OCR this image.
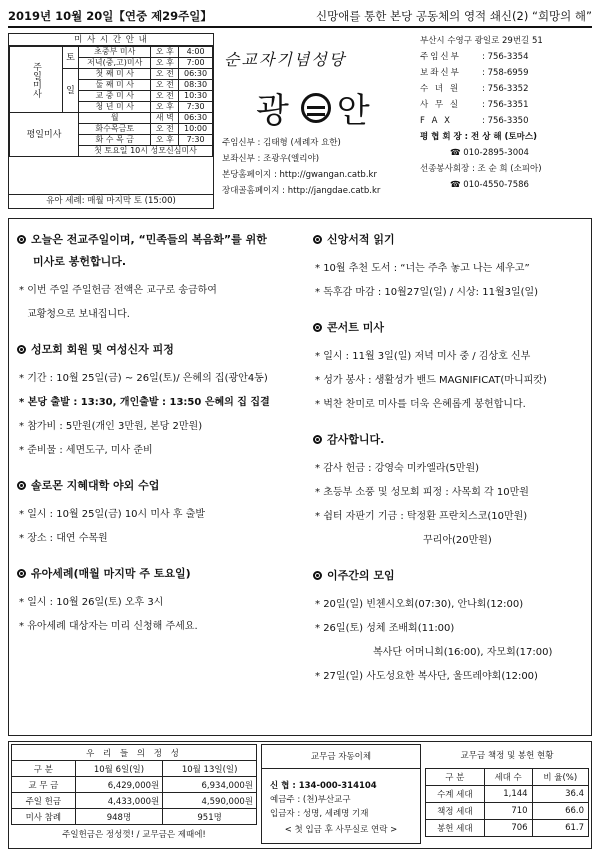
2019년 10월 20일【연중 제29주일】	신망애를 통한 본당 공동체의 영적 쇄신(2) “희망의 해”
미 사 시 간 안 내
주일미사	토	초중부 미사	오 후	4:00
		저녁(중,고)미사	오 후	7:00
	일	첫 째 미 사	오 전	06:30
		둘 째 미 사	오 전	08:30
		교 중 미 사	오 전	10:30
		청 년 미 사	오 후	7:30
평일미사		월	새 벽	06:30
		화수목금토	오 전	10:00
		화 수 목 금	오 후	7:30
		첫 토요일 10시 성모신심미사		
유아 세례: 매월 마지막 토 (15:00)
순교자기념성당
광 안
주임신부 : 김태형 (세례자 요한)
보좌신부 : 조광우(엘리야)
본당홈페이지 : http://gwangan.catb.kr
장대골홈페이지 : http://jangdae.catb.kr
부산시 수영구 광일로 29번길 51
주임신부	: 756-3354
보좌신부	: 758-6959
수 녀 원	: 756-3352
사 무 실	: 756-3351
F A X	: 756-3350
평 협 회 장 : 전 상 해 (토마스)
☎ 010-2895-3004
선종봉사회장 : 조 순 희 (소피아)
☎ 010-4550-7586
오늘은 전교주일이며, “민족들의 복음화”를 위한
미사로 봉헌합니다.
* 이번 주일 주일헌금 전액은 교구로 송금하여
교황청으로 보내집니다.
성모회 회원 및 여성신자 피정
* 기간 : 10월 25일(금) ~ 26일(토)/ 은혜의 집(광안4동)
* 본당 출발 : 13:30, 개인출발 : 13:50 은혜의 집 집결
* 참가비 : 5만원(개인 3만원, 본당 2만원)
* 준비물 : 세면도구, 미사 준비
솔로몬 지혜대학 야외 수업
* 일시 : 10월 25일(금) 10시 미사 후 출발
* 장소 : 대연 수목원
유아세례(매월 마지막 주 토요일)
* 일시 : 10월 26일(토) 오후 3시
* 유아세례 대상자는 미리 신청해 주세요.
신앙서적 읽기
* 10월 추천 도서 : “너는 주추 놓고 나는 세우고”
* 독후감 마감 : 10월27일(일) / 시상: 11월3일(일)
콘서트 미사
* 일시 : 11월 3일(일) 저녁 미사 중 / 김상호 신부
* 성가 봉사 : 생활성가 밴드 MAGNIFICAT(마니피캇)
* 벅찬 찬미로 미사를 더욱 은혜롭게 봉헌합니다.
감사합니다.
* 감사 헌금 : 강영숙 미카엘라(5만원)
* 초등부 소풍 및 성모회 피정 : 사목회 각 10만원
* 쉼터 자판기 기금 : 탁정환 프란치스코(10만원)
꾸리아(20만원)
이주간의 모임
* 20일(일) 빈첸시오회(07:30), 안나회(12:00)
* 26일(토) 성체 조배회(11:00)
복사단 어머니회(16:00), 자모회(17:00)
* 27일(일) 사도성요한 복사단, 울뜨레야회(12:00)
우 리 들 의 정 성		
구 분	10월 6일(일)	10월 13일(일)
교 무 금	6,429,000원	6,934,000원
주일 헌금	4,433,000원	4,590,000원
미사 참례	948명	951명
주일헌금은 정성껏! / 교무금은 제때에!
교무금 자동이체
신 협 : 134-000-314104
예금주 : (천)부산교구
입금자 : 성명, 세례명 기재
< 첫 입금 후 사무실로 연락 >
교무금 책정 및 봉헌 현황
구 분	세대 수	비 율(%)
수계 세대	1,144	36.4
책정 세대	710	66.0
봉헌 세대	706	61.7
